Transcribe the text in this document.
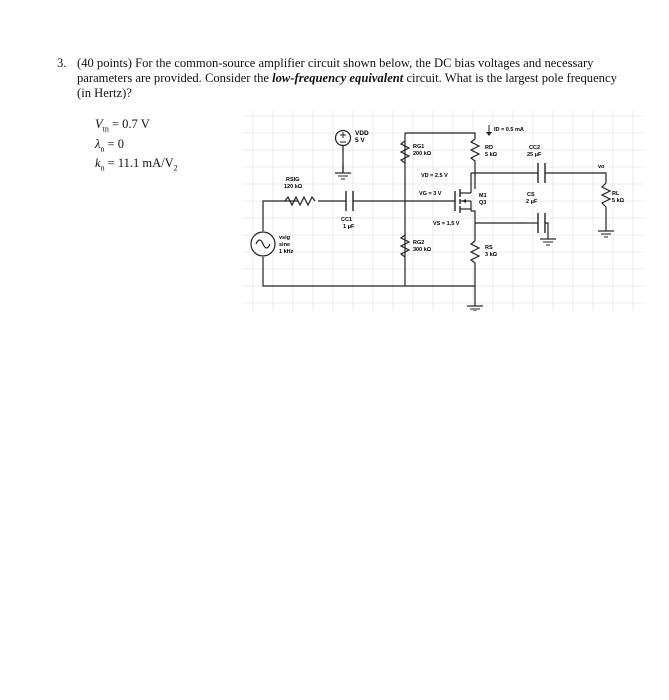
3. (40 points) For the common-source amplifier circuit shown below, the DC bias voltages and necessary parameters are provided. Consider the low-frequency equivalent circuit. What is the largest pole frequency (in Hertz)?
$V_{tn} = 0.7$ V
$\lambda_n = 0$
$k_n = 11.1$ $mA/V_2$
VDD
5 V
RG1
200 kΩ
RG2
300 kΩ
RD
5 kΩ
RS
3 kΩ
RL
5 kΩ
vo
RSIG
120 kΩ
CC1
1 μF
CC2
25 μF
CS
2 μF
M1
Q3
vsig
sine
1 kHz
ID = 0.5 mA
VD = 2.5 V
VG = 3 V
VS = 1.5 V
